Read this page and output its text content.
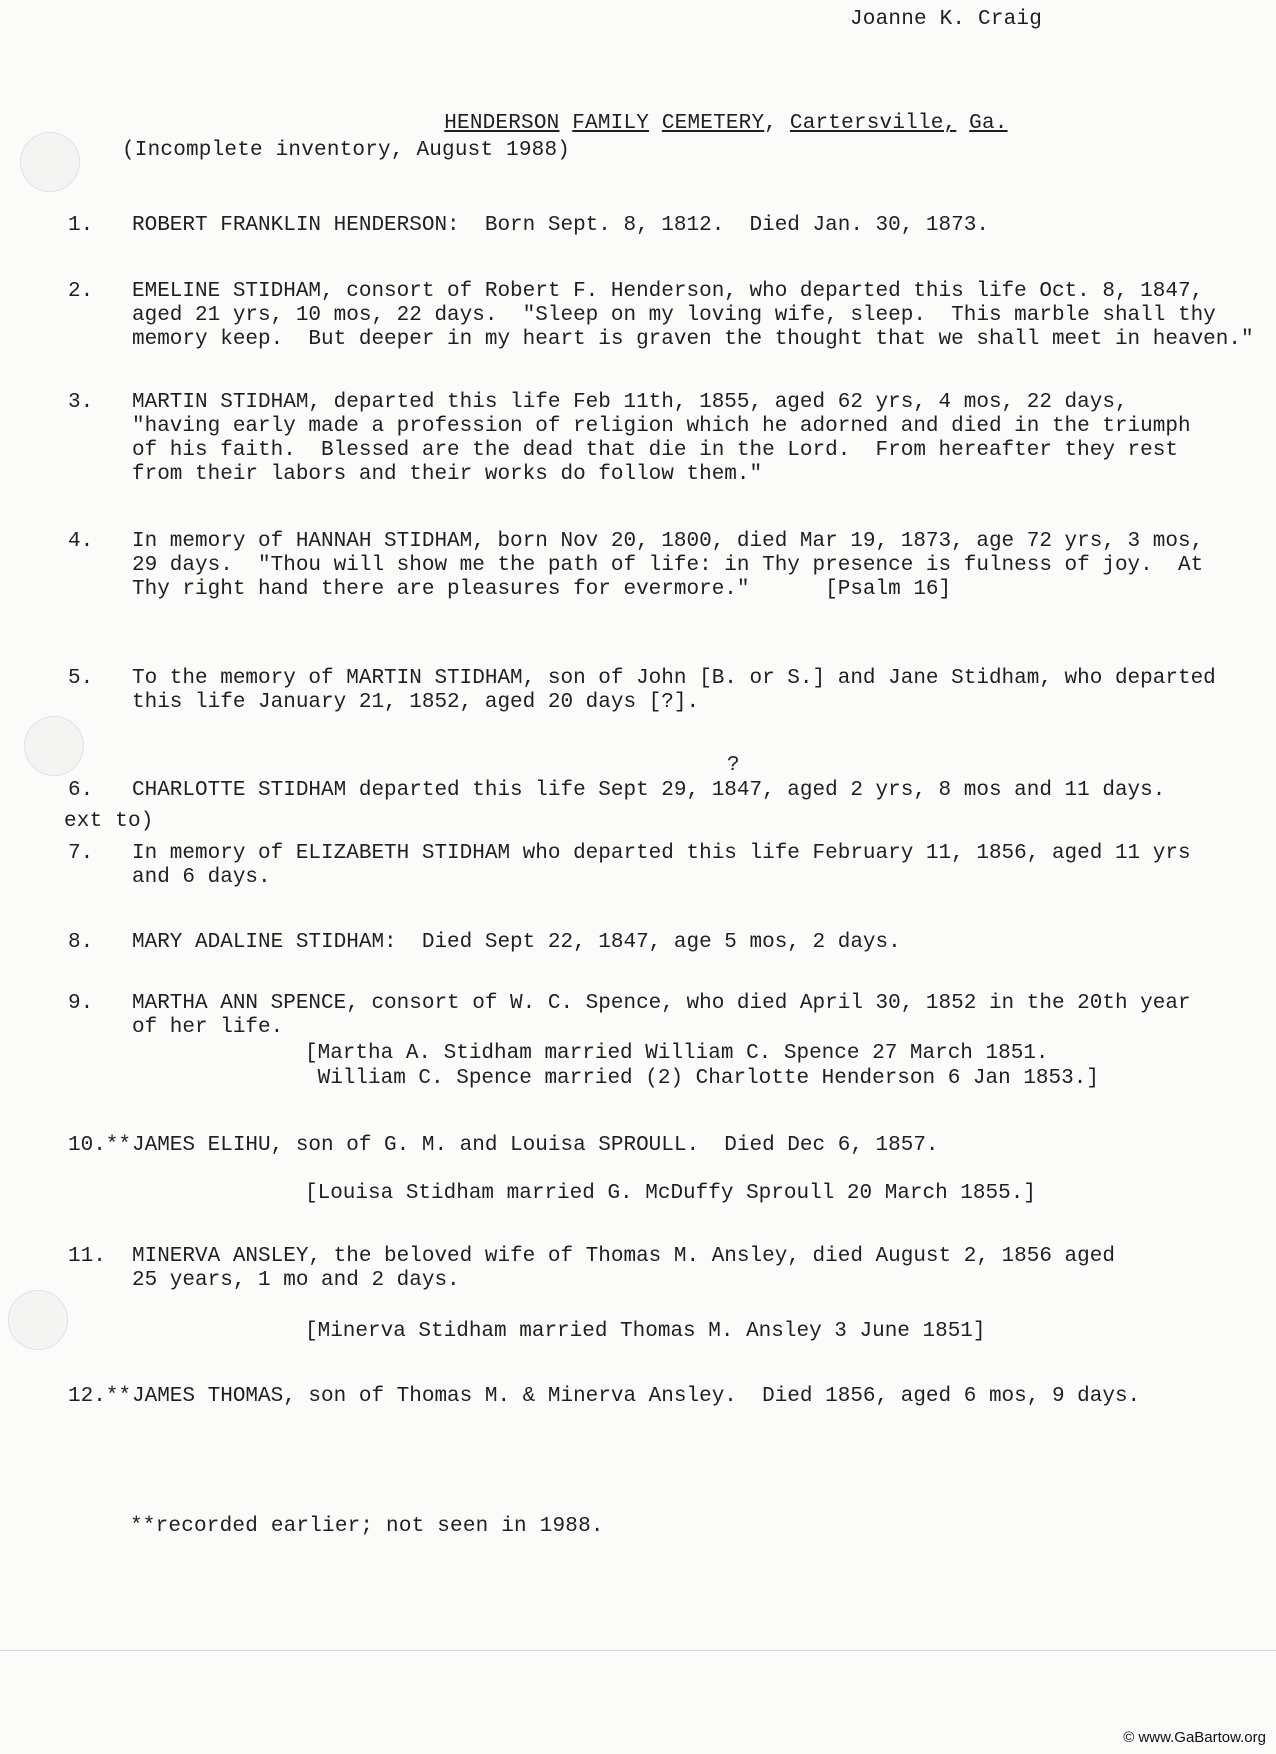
Joanne K. Craig

HENDERSON FAMILY CEMETERY, Cartersville, Ga.

(Incomplete inventory, August 1988)
1. ROBERT FRANKLIN HENDERSON:  Born Sept. 8, 1812.  Died Jan. 30, 1873.
2. EMELINE STIDHAM, consort of Robert F. Henderson, who departed this life Oct. 8, 1847,
aged 21 yrs, 10 mos, 22 days.  "Sleep on my loving wife, sleep.  This marble shall thy
memory keep.  But deeper in my heart is graven the thought that we shall meet in heaven."
3. MARTIN STIDHAM, departed this life Feb 11th, 1855, aged 62 yrs, 4 mos, 22 days,
"having early made a profession of religion which he adorned and died in the triumph
of his faith.  Blessed are the dead that die in the Lord.  From hereafter they rest
from their labors and their works do follow them."
4. In memory of HANNAH STIDHAM, born Nov 20, 1800, died Mar 19, 1873, age 72 yrs, 3 mos,
29 days.  "Thou will show me the path of life: in Thy presence is fulness of joy.  At
Thy right hand there are pleasures for evermore."      [Psalm 16]
5. To the memory of MARTIN STIDHAM, son of John [B. or S.] and Jane Stidham, who departed
this life January 21, 1852, aged 20 days [?].
?
6. CHARLOTTE STIDHAM departed this life Sept 29, 1847, aged 2 yrs, 8 mos and 11 days.
ext to)
7. In memory of ELIZABETH STIDHAM who departed this life February 11, 1856, aged 11 yrs
and 6 days.
8. MARY ADALINE STIDHAM:  Died Sept 22, 1847, age 5 mos, 2 days.
9. MARTHA ANN SPENCE, consort of W. C. Spence, who died April 30, 1852 in the 20th year
of her life.
[Martha A. Stidham married William C. Spence 27 March 1851.
William C. Spence married (2) Charlotte Henderson 6 Jan 1853.]
10.** JAMES ELIHU, son of G. M. and Louisa SPROULL.  Died Dec 6, 1857.
[Louisa Stidham married G. McDuffy Sproull 20 March 1855.]
11. MINERVA ANSLEY, the beloved wife of Thomas M. Ansley, died August 2, 1856 aged
25 years, 1 mo and 2 days.
[Minerva Stidham married Thomas M. Ansley 3 June 1851]
12.** JAMES THOMAS, son of Thomas M. & Minerva Ansley.  Died 1856, aged 6 mos, 9 days.
**recorded earlier; not seen in 1988.
© www.GaBartow.org
